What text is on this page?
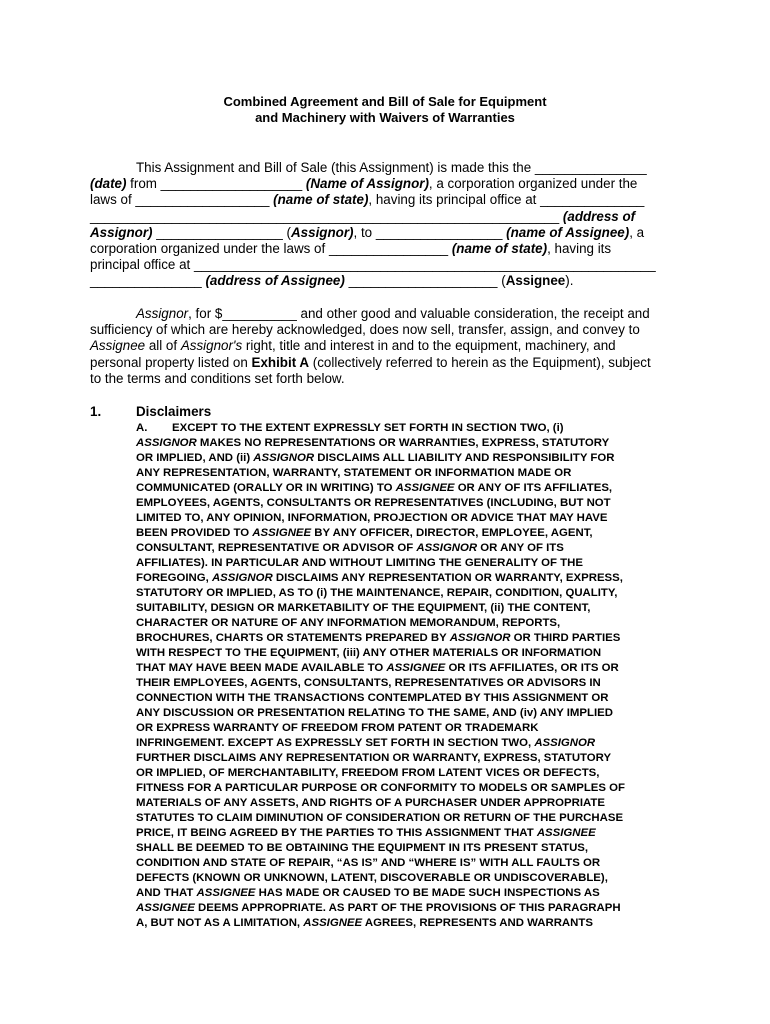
Combined Agreement and Bill of Sale for Equipment
and Machinery with Waivers of Warranties
This Assignment and Bill of Sale (this Assignment) is made this the _______________
(date) from ___________________ (Name of Assignor), a corporation organized under the
laws of __________________ (name of state), having its principal office at ______________
_______________________________________________________________ (address of
Assignor) _________________ (Assignor), to _________________ (name of Assignee), a
corporation organized under the laws of ________________ (name of state), having its
principal office at ______________________________________________________________
_______________ (address of Assignee) ____________________ (Assignee).
Assignor, for $__________ and other good and valuable consideration, the receipt and
sufficiency of which are hereby acknowledged, does now sell, transfer, assign, and convey to
Assignee all of Assignor's right, title and interest in and to the equipment, machinery, and
personal property listed on Exhibit A (collectively referred to herein as the Equipment), subject
to the terms and conditions set forth below.
1.	Disclaimers
A. EXCEPT TO THE EXTENT EXPRESSLY SET FORTH IN SECTION TWO, (i)
ASSIGNOR MAKES NO REPRESENTATIONS OR WARRANTIES, EXPRESS, STATUTORY
OR IMPLIED, AND (ii) ASSIGNOR DISCLAIMS ALL LIABILITY AND RESPONSIBILITY FOR
ANY REPRESENTATION, WARRANTY, STATEMENT OR INFORMATION MADE OR
COMMUNICATED (ORALLY OR IN WRITING) TO ASSIGNEE OR ANY OF ITS AFFILIATES,
EMPLOYEES, AGENTS, CONSULTANTS OR REPRESENTATIVES (INCLUDING, BUT NOT
LIMITED TO, ANY OPINION, INFORMATION, PROJECTION OR ADVICE THAT MAY HAVE
BEEN PROVIDED TO ASSIGNEE BY ANY OFFICER, DIRECTOR, EMPLOYEE, AGENT,
CONSULTANT, REPRESENTATIVE OR ADVISOR OF ASSIGNOR OR ANY OF ITS
AFFILIATES). IN PARTICULAR AND WITHOUT LIMITING THE GENERALITY OF THE
FOREGOING, ASSIGNOR DISCLAIMS ANY REPRESENTATION OR WARRANTY, EXPRESS,
STATUTORY OR IMPLIED, AS TO (i) THE MAINTENANCE, REPAIR, CONDITION, QUALITY,
SUITABILITY, DESIGN OR MARKETABILITY OF THE EQUIPMENT, (ii) THE CONTENT,
CHARACTER OR NATURE OF ANY INFORMATION MEMORANDUM, REPORTS,
BROCHURES, CHARTS OR STATEMENTS PREPARED BY ASSIGNOR OR THIRD PARTIES
WITH RESPECT TO THE EQUIPMENT, (iii) ANY OTHER MATERIALS OR INFORMATION
THAT MAY HAVE BEEN MADE AVAILABLE TO ASSIGNEE OR ITS AFFILIATES, OR ITS OR
THEIR EMPLOYEES, AGENTS, CONSULTANTS, REPRESENTATIVES OR ADVISORS IN
CONNECTION WITH THE TRANSACTIONS CONTEMPLATED BY THIS ASSIGNMENT OR
ANY DISCUSSION OR PRESENTATION RELATING TO THE SAME, AND (iv) ANY IMPLIED
OR EXPRESS WARRANTY OF FREEDOM FROM PATENT OR TRADEMARK
INFRINGEMENT. EXCEPT AS EXPRESSLY SET FORTH IN SECTION TWO, ASSIGNOR
FURTHER DISCLAIMS ANY REPRESENTATION OR WARRANTY, EXPRESS, STATUTORY
OR IMPLIED, OF MERCHANTABILITY, FREEDOM FROM LATENT VICES OR DEFECTS,
FITNESS FOR A PARTICULAR PURPOSE OR CONFORMITY TO MODELS OR SAMPLES OF
MATERIALS OF ANY ASSETS, AND RIGHTS OF A PURCHASER UNDER APPROPRIATE
STATUTES TO CLAIM DIMINUTION OF CONSIDERATION OR RETURN OF THE PURCHASE
PRICE, IT BEING AGREED BY THE PARTIES TO THIS ASSIGNMENT THAT ASSIGNEE
SHALL BE DEEMED TO BE OBTAINING THE EQUIPMENT IN ITS PRESENT STATUS,
CONDITION AND STATE OF REPAIR, “AS IS” AND “WHERE IS” WITH ALL FAULTS OR
DEFECTS (KNOWN OR UNKNOWN, LATENT, DISCOVERABLE OR UNDISCOVERABLE),
AND THAT ASSIGNEE HAS MADE OR CAUSED TO BE MADE SUCH INSPECTIONS AS
ASSIGNEE DEEMS APPROPRIATE. AS PART OF THE PROVISIONS OF THIS PARAGRAPH
A, BUT NOT AS A LIMITATION, ASSIGNEE AGREES, REPRESENTS AND WARRANTS
